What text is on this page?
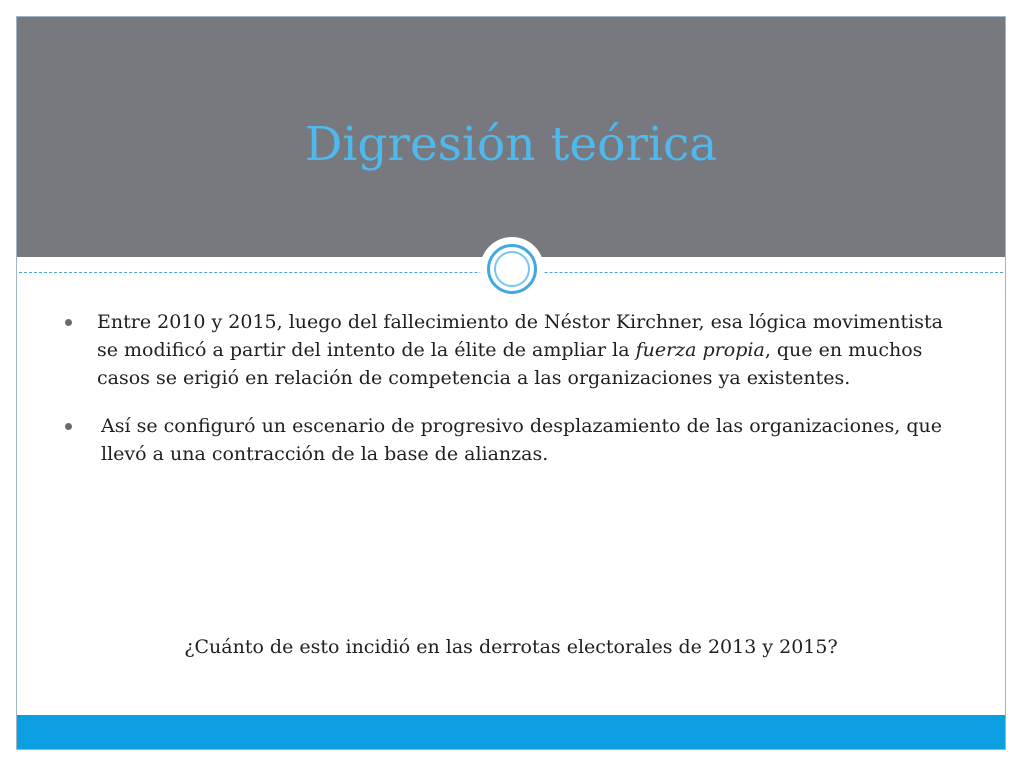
Digresión teórica
Entre 2010 y 2015, luego del fallecimiento de Néstor Kirchner, esa lógica movimentista se modificó a partir del intento de la élite de ampliar la fuerza propia, que en muchos casos se erigió en relación de competencia a las organizaciones ya existentes.
Así se configuró un escenario de progresivo desplazamiento de las organizaciones, que llevó a una contracción de la base de alianzas.
¿Cuánto de esto incidió en las derrotas electorales de 2013 y 2015?
